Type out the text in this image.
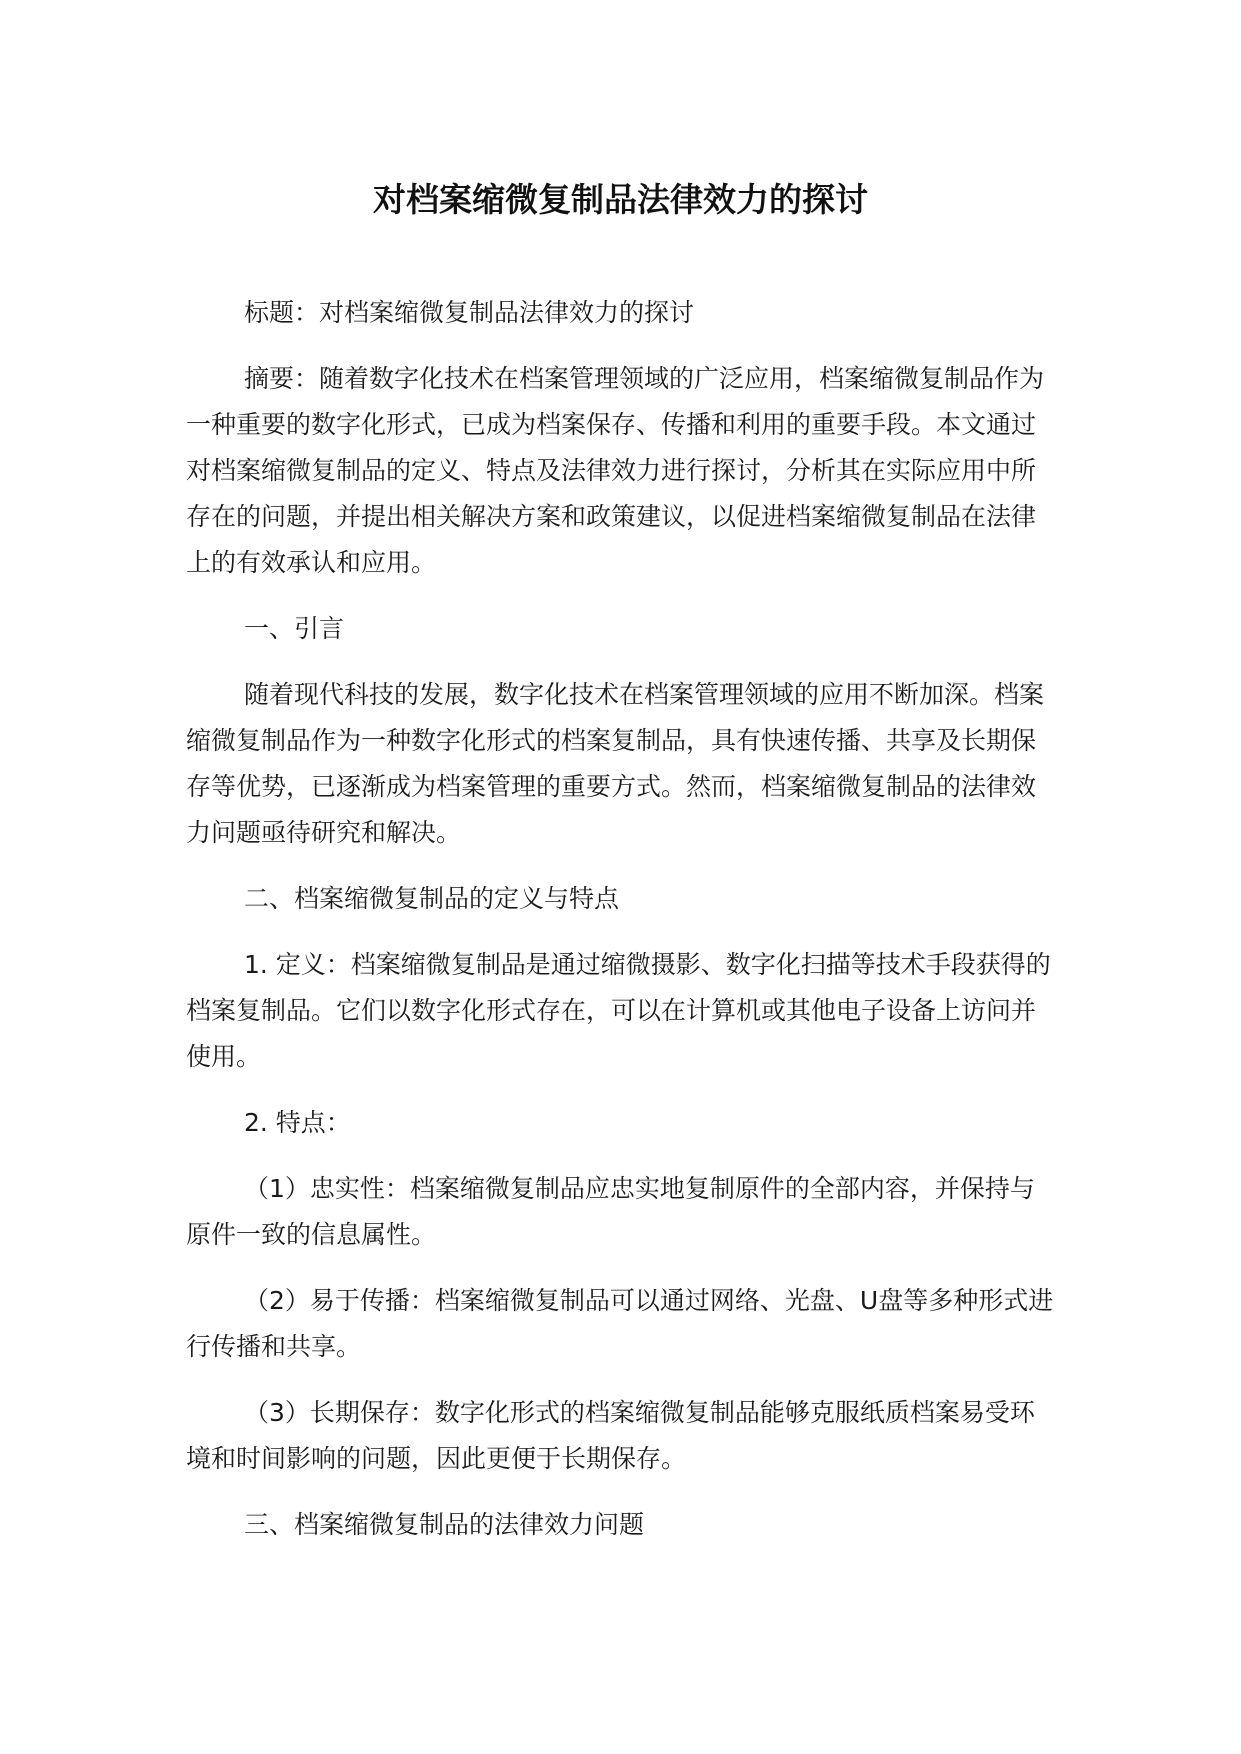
对档案缩微复制品法律效力的探讨

标题：对档案缩微复制品法律效力的探讨

摘要：随着数字化技术在档案管理领域的广泛应用，档案缩微复制品作为一种重要的数字化形式，已成为档案保存、传播和利用的重要手段。本文通过对档案缩微复制品的定义、特点及法律效力进行探讨，分析其在实际应用中所存在的问题，并提出相关解决方案和政策建议，以促进档案缩微复制品在法律上的有效承认和应用。

一、引言

随着现代科技的发展，数字化技术在档案管理领域的应用不断加深。档案缩微复制品作为一种数字化形式的档案复制品，具有快速传播、共享及长期保存等优势，已逐渐成为档案管理的重要方式。然而，档案缩微复制品的法律效力问题亟待研究和解决。

二、档案缩微复制品的定义与特点

1. 定义：档案缩微复制品是通过缩微摄影、数字化扫描等技术手段获得的档案复制品。它们以数字化形式存在，可以在计算机或其他电子设备上访问并使用。

2. 特点：

（1）忠实性：档案缩微复制品应忠实地复制原件的全部内容，并保持与原件一致的信息属性。

（2）易于传播：档案缩微复制品可以通过网络、光盘、U盘等多种形式进行传播和共享。

（3）长期保存：数字化形式的档案缩微复制品能够克服纸质档案易受环境和时间影响的问题，因此更便于长期保存。

三、档案缩微复制品的法律效力问题
